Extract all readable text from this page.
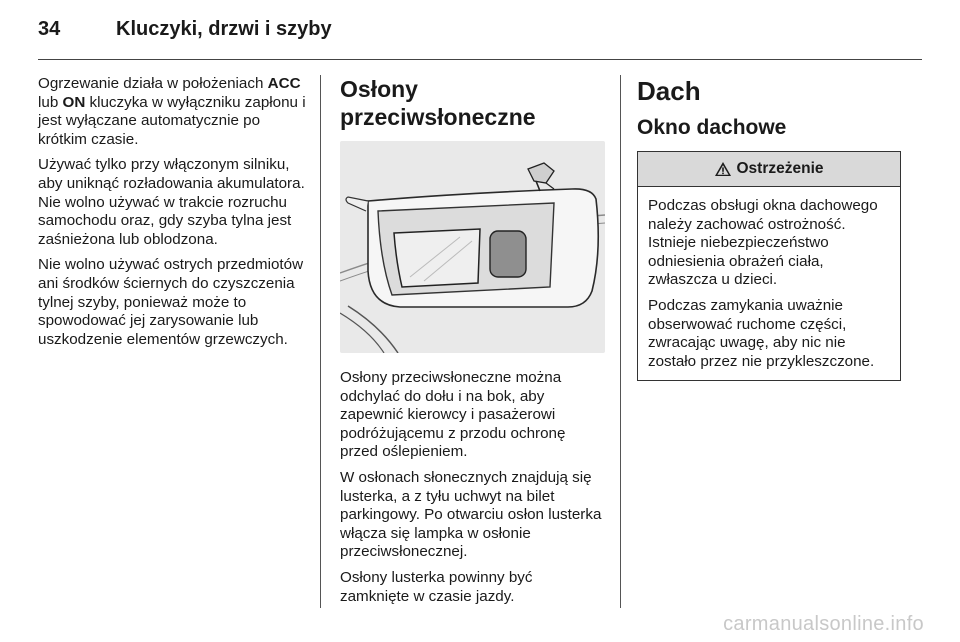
34	Kluczyki, drzwi i szyby

Ogrzewanie działa w położeniach ACC lub ON kluczyka w wyłączniku zapłonu i jest wyłączane automatycznie po krótkim czasie.

Używać tylko przy włączonym silniku, aby uniknąć rozładowania akumulatora. Nie wolno używać w trakcie rozruchu samochodu oraz, gdy szyba tylna jest zaśnieżona lub oblodzona.

Nie wolno używać ostrych przedmiotów ani środków ściernych do czyszczenia tylnej szyby, ponieważ może to spowodować jej zarysowanie lub uszkodzenie elementów grzewczych.

Osłony przeciwsłoneczne

Osłony przeciwsłoneczne można odchylać do dołu i na bok, aby zapewnić kierowcy i pasażerowi podróżującemu z przodu ochronę przed oślepieniem.

W osłonach słonecznych znajdują się lusterka, a z tyłu uchwyt na bilet parkingowy. Po otwarciu osłon lusterka włącza się lampka w osłonie przeciwsłonecznej.

Osłony lusterka powinny być zamknięte w czasie jazdy.

Dach
Okno dachowe
Ostrzeżenie

Podczas obsługi okna dachowego należy zachować ostrożność. Istnieje niebezpieczeństwo odniesienia obrażeń ciała, zwłaszcza u dzieci.

Podczas zamykania uważnie obserwować ruchome części, zwracając uwagę, aby nic nie zostało przez nie przykleszczone.

carmanualsonline.info
